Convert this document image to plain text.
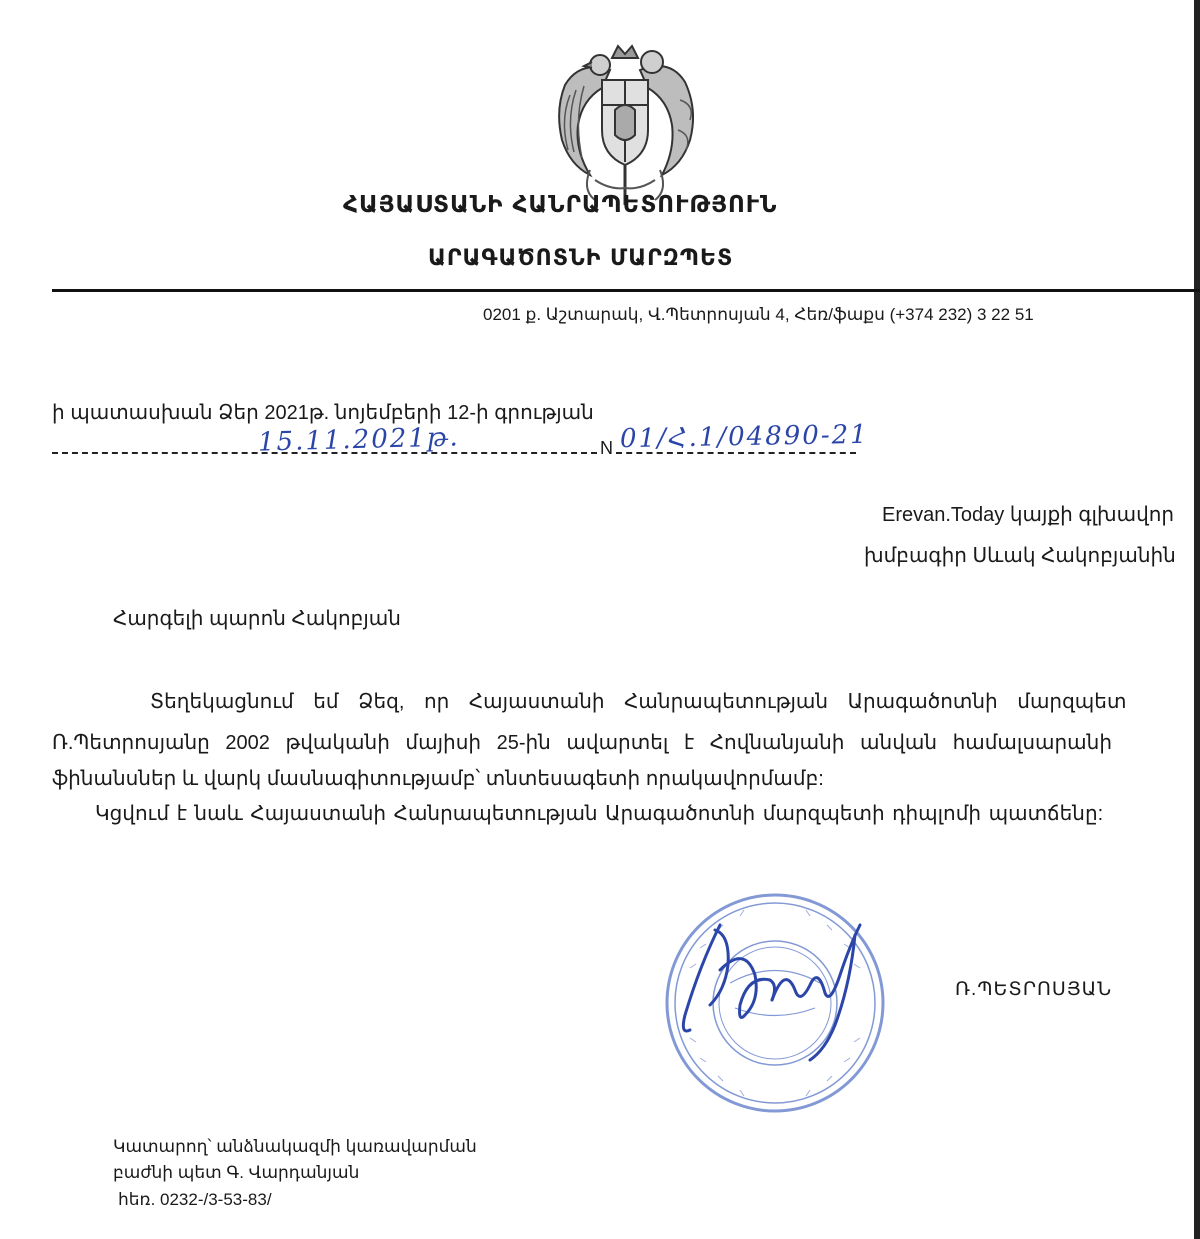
ՀԱՅԱՍՏԱՆԻ ՀԱՆՐԱՊԵՏՈՒԹՅՈՒՆ
ԱՐԱԳԱԾՈՏՆԻ ՄԱՐԶՊԵՏ
0201 ք. Աշտարակ, Վ.Պետրոսյան 4, Հեռ/ֆաքս (+374 232) 3 22 51
ի պատասխան Ձեր 2021թ. նոյեմբերի 12-ի գրության
15.11.2021թ.	N 01/Հ.1/04890-21
Erevan.Today կայքի գլխավոր
խմբագիր Սևակ Հակոբյանին
Հարգելի պարոն Հակոբյան
Տեղեկացնում եմ Ձեզ, որ Հայաստանի Հանրապետության Արագածոտնի մարզպետ
Ռ.Պետրոսյանը 2002 թվականի մայիսի 25-ին ավարտել է Հովնանյանի անվան համալսարանի
ֆինանսներ և վարկ մասնագիտությամբ՝ տնտեսագետի որակավորմամբ:
Կցվում է նաև Հայաստանի Հանրապետության Արագածոտնի մարզպետի դիպլոմի պատճենը:
Ռ.ՊԵՏՐՈՍՅԱՆ
Կատարող՝ անձնակազմի կառավարման
բաժնի պետ Գ. Վարդանյան
հեռ. 0232-/3-53-83/
